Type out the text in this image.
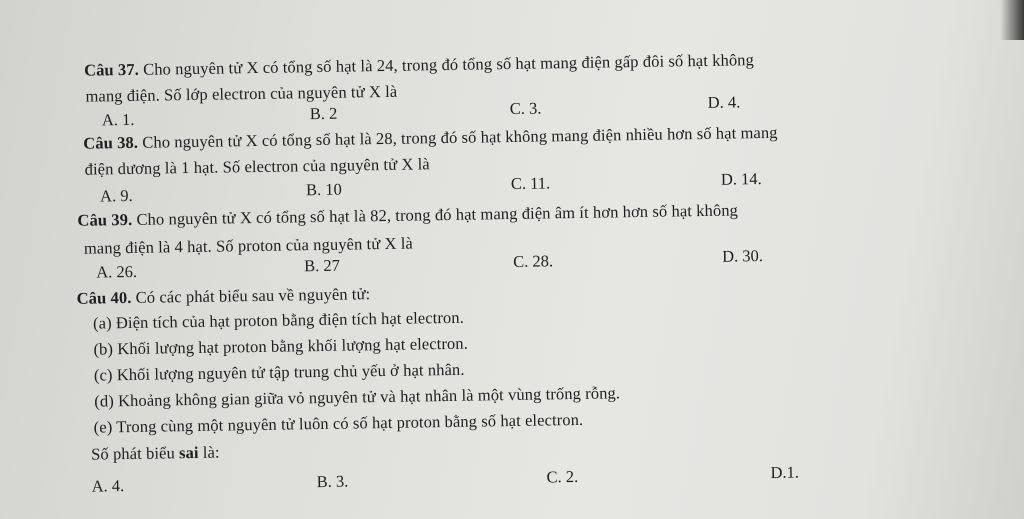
Câu 37. Cho nguyên tử X có tổng số hạt là 24, trong đó tổng số hạt mang điện gấp đôi số hạt không
mang điện. Số lớp electron của nguyên tử X là
A. 1.	B. 2	C. 3.	D. 4.
Câu 38. Cho nguyên tử X có tổng số hạt là 28, trong đó số hạt không mang điện nhiều hơn số hạt mang
điện dương là 1 hạt. Số electron của nguyên tử X là
A. 9.	B. 10	C. 11.	D. 14.
Câu 39. Cho nguyên tử X có tổng số hạt là 82, trong đó hạt mang điện âm ít hơn hơn số hạt không
mang điện là 4 hạt. Số proton của nguyên tử X là
A. 26.	B. 27	C. 28.	D. 30.
Câu 40. Có các phát biểu sau về nguyên tử:
(a) Điện tích của hạt proton bằng điện tích hạt electron.
(b) Khối lượng hạt proton bằng khối lượng hạt electron.
(c) Khối lượng nguyên tử tập trung chủ yếu ở hạt nhân.
(d) Khoảng không gian giữa vỏ nguyên tử và hạt nhân là một vùng trống rỗng.
(e) Trong cùng một nguyên tử luôn có số hạt proton bằng số hạt electron.
Số phát biểu sai là:
A. 4.	B. 3.	C. 2.	D.1.
